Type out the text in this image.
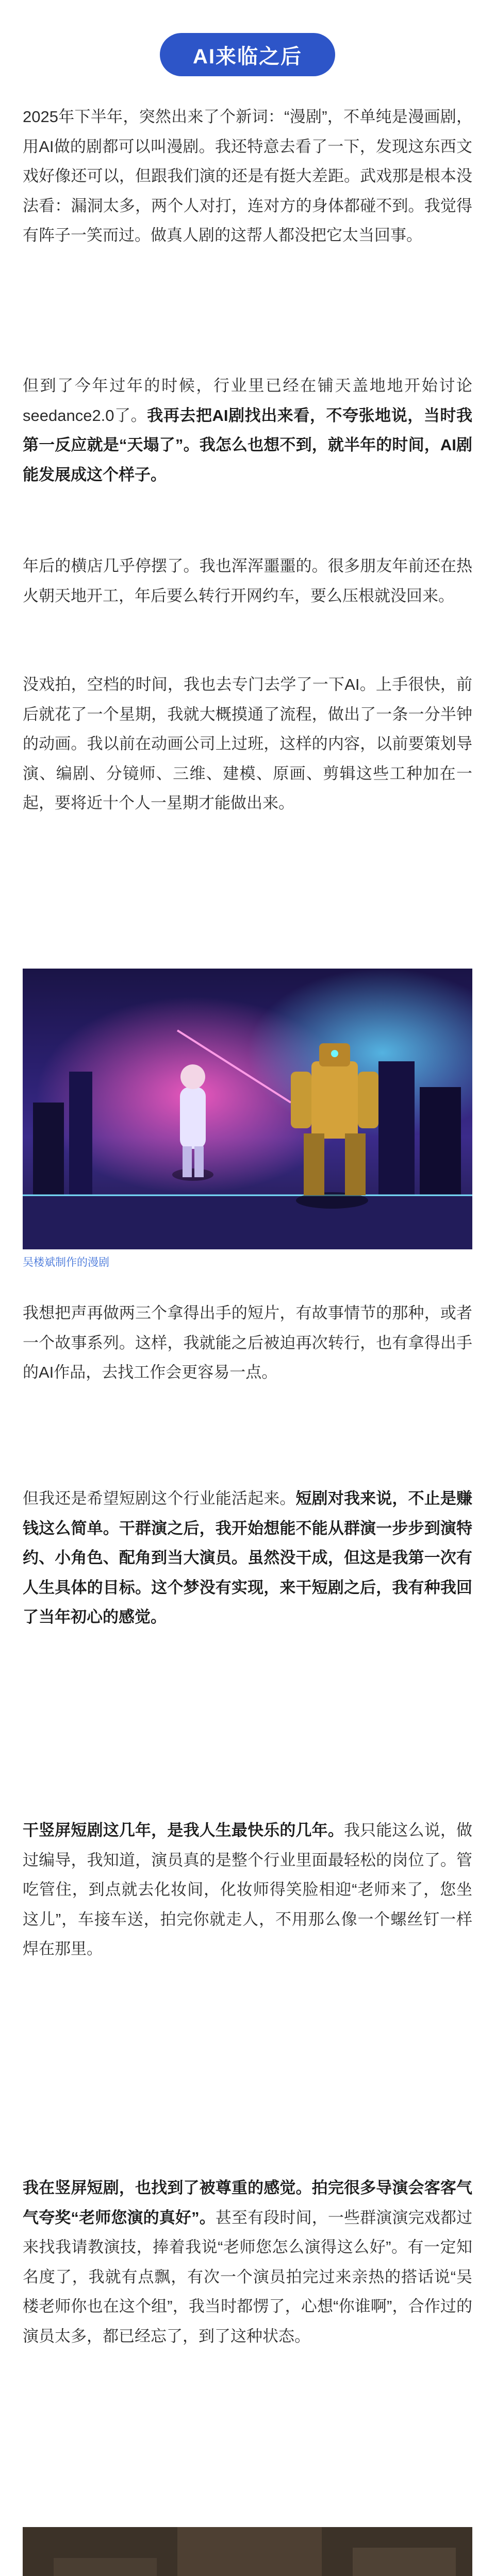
AI来临之后

2025年下半年，突然出来了个新词：“漫剧”，不单纯是漫画剧，用AI做的剧都可以叫漫剧。我还特意去看了一下，发现这东西文戏好像还可以，但跟我们演的还是有挺大差距。武戏那是根本没法看：漏洞太多，两个人对打，连对方的身体都碰不到。我觉得有阵子一笑而过。做真人剧的这帮人都没把它太当回事。

但到了今年过年的时候，行业里已经在铺天盖地地开始讨论seedance2.0了。我再去把AI剧找出来看，不夸张地说，当时我第一反应就是“天塌了”。我怎么也想不到，就半年的时间，AI剧能发展成这个样子。

年后的横店几乎停摆了。我也浑浑噩噩的。很多朋友年前还在热火朝天地开工，年后要么转行开网约车，要么压根就没回来。

没戏拍，空档的时间，我也去专门去学了一下AI。上手很快，前后就花了一个星期，我就大概摸通了流程，做出了一条一分半钟的动画。我以前在动画公司上过班，这样的内容，以前要策划导演、编剧、分镜师、三维、建模、原画、剪辑这些工种加在一起，要将近十个人一星期才能做出来。

吴楼斌制作的漫剧

我想把声再做两三个拿得出手的短片，有故事情节的那种，或者一个故事系列。这样，我就能之后被迫再次转行，也有拿得出手的AI作品，去找工作会更容易一点。

但我还是希望短剧这个行业能活起来。短剧对我来说，不止是赚钱这么简单。干群演之后，我开始想能不能从群演一步步到演特约、小角色、配角到当大演员。虽然没干成，但这是我第一次有人生具体的目标。这个梦没有实现，来干短剧之后，我有种我回了当年初心的感觉。

干竖屏短剧这几年，是我人生最快乐的几年。我只能这么说，做过编导，我知道，演员真的是整个行业里面最轻松的岗位了。管吃管住，到点就去化妆间，化妆师得笑脸相迎“老师来了，您坐这儿”，车接车送，拍完你就走人，不用那么像一个螺丝钉一样焊在那里。

我在竖屏短剧，也找到了被尊重的感觉。拍完很多导演会客客气气夸奖“老师您演的真好”。甚至有段时间，一些群演演完戏都过来找我请教演技，捧着我说“老师您怎么演得这么好”。有一定知名度了，我就有点飘，有次一个演员拍完过来亲热的搭话说“吴楼老师你也在这个组”，我当时都愣了，心想“你谁啊”，合作过的演员太多，都已经忘了，到了这种状态。
